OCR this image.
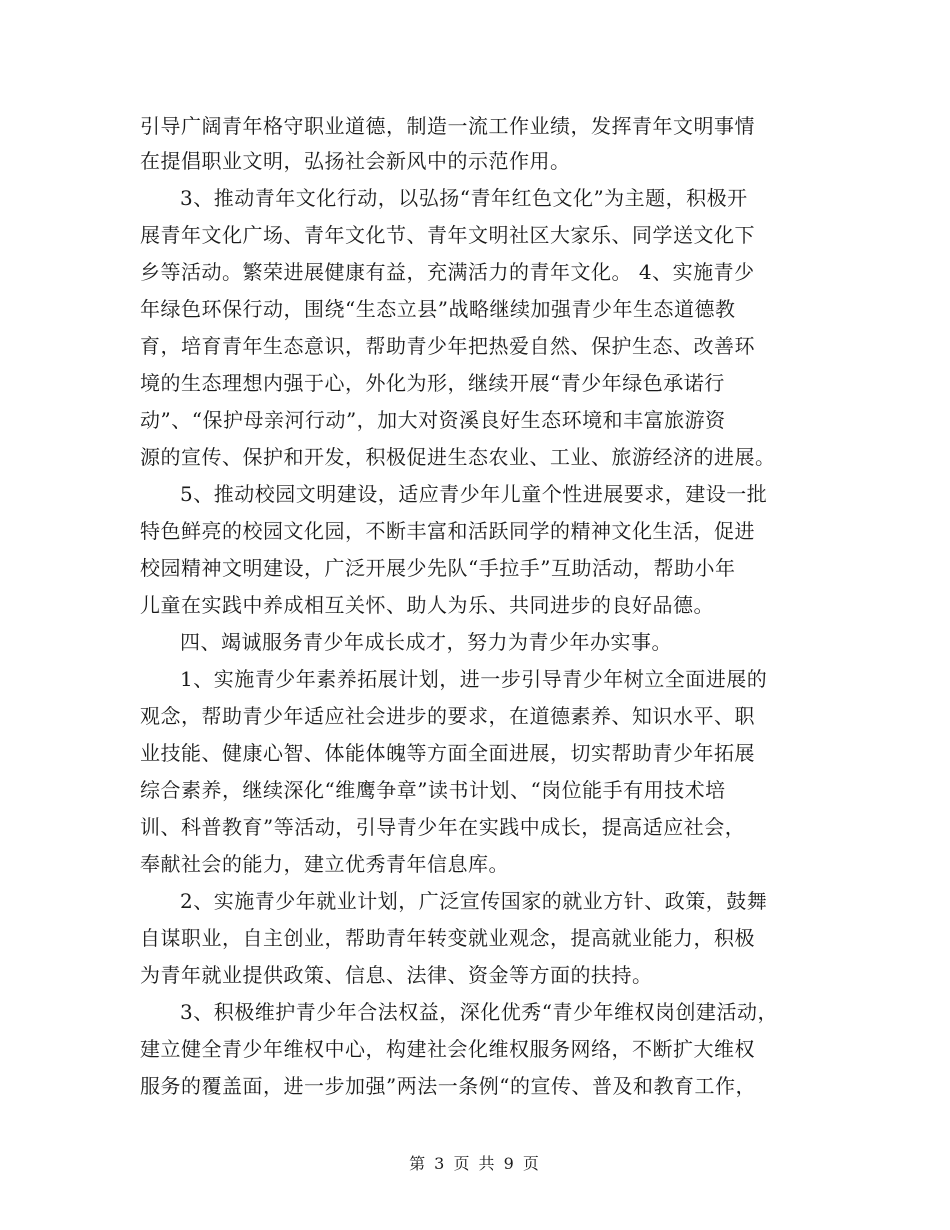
引导广阔青年格守职业道德，制造一流工作业绩，发挥青年文明事情
在提倡职业文明，弘扬社会新风中的示范作用。
3、推动青年文化行动，以弘扬“青年红色文化”为主题，积极开
展青年文化广场、青年文化节、青年文明社区大家乐、同学送文化下
乡等活动。繁荣进展健康有益，充满活力的青年文化。 4、实施青少
年绿色环保行动，围绕“生态立县”战略继续加强青少年生态道德教
育，培育青年生态意识，帮助青少年把热爱自然、保护生态、改善环
境的生态理想内强于心，外化为形，继续开展“青少年绿色承诺行
动”、“保护母亲河行动”，加大对资溪良好生态环境和丰富旅游资
源的宣传、保护和开发，积极促进生态农业、工业、旅游经济的进展。
5、推动校园文明建设，适应青少年儿童个性进展要求，建设一批
特色鲜亮的校园文化园，不断丰富和活跃同学的精神文化生活，促进
校园精神文明建设，广泛开展少先队“手拉手”互助活动，帮助小年
儿童在实践中养成相互关怀、助人为乐、共同进步的良好品德。
四、竭诚服务青少年成长成才，努力为青少年办实事。
1、实施青少年素养拓展计划，进一步引导青少年树立全面进展的
观念，帮助青少年适应社会进步的要求，在道德素养、知识水平、职
业技能、健康心智、体能体魄等方面全面进展，切实帮助青少年拓展
综合素养，继续深化“维鹰争章”读书计划、“岗位能手有用技术培
训、科普教育”等活动，引导青少年在实践中成长，提高适应社会，
奉献社会的能力，建立优秀青年信息库。
2、实施青少年就业计划，广泛宣传国家的就业方针、政策，鼓舞
自谋职业，自主创业，帮助青年转变就业观念，提高就业能力，积极
为青年就业提供政策、信息、法律、资金等方面的扶持。
3、积极维护青少年合法权益，深化优秀“青少年维权岗创建活动，
建立健全青少年维权中心，构建社会化维权服务网络，不断扩大维权
服务的覆盖面，进一步加强”两法一条例“的宣传、普及和教育工作，
第 3 页 共 9 页
